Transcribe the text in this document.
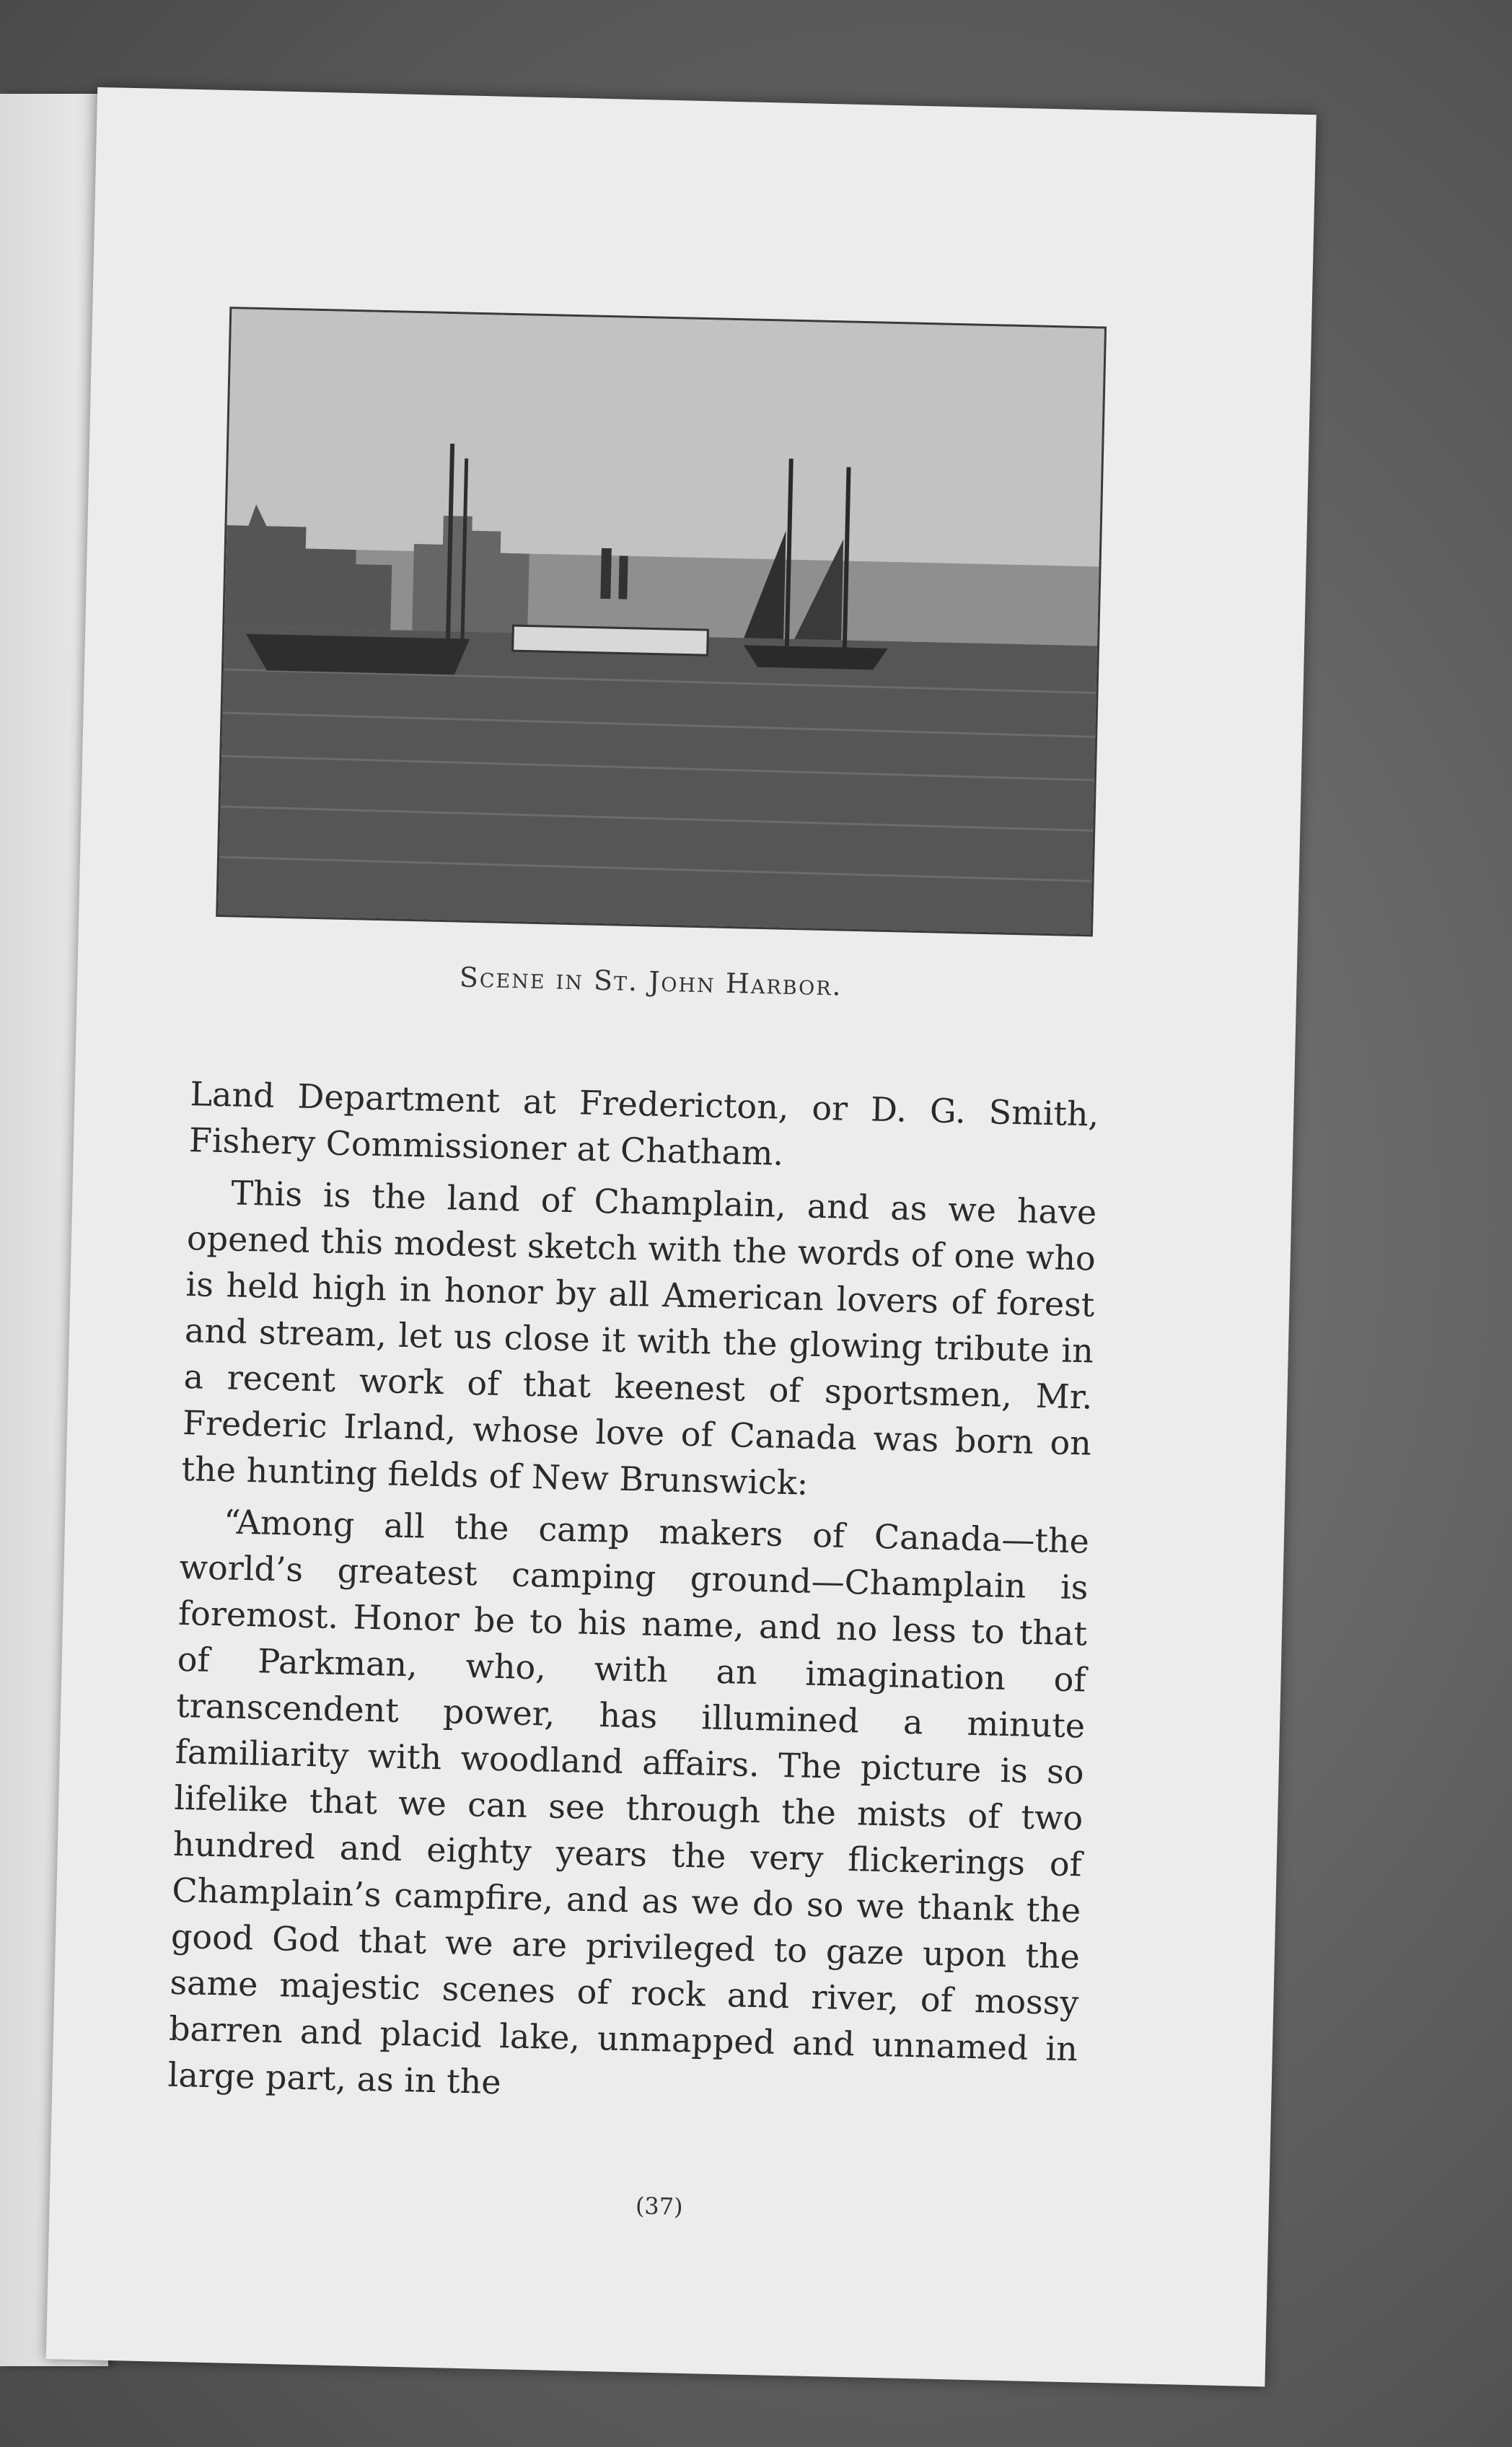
Scene in St. John Harbor.

Land Department at Fredericton, or D. G. Smith, Fishery Commissioner at Chatham.

This is the land of Champlain, and as we have opened this modest sketch with the words of one who is held high in honor by all American lovers of forest and stream, let us close it with the glowing tribute in a recent work of that keenest of sportsmen, Mr. Frederic Irland, whose love of Canada was born on the hunting fields of New Brunswick:

“Among all the camp makers of Canada—the world’s greatest camping ground—Champlain is foremost. Honor be to his name, and no less to that of Parkman, who, with an imagination of transcendent power, has illumined a minute familiarity with woodland affairs. The picture is so lifelike that we can see through the mists of two hundred and eighty years the very flickerings of Champlain’s campfire, and as we do so we thank the good God that we are privileged to gaze upon the same majestic scenes of rock and river, of mossy barren and placid lake, unmapped and unnamed in large part, as in the

(37)
